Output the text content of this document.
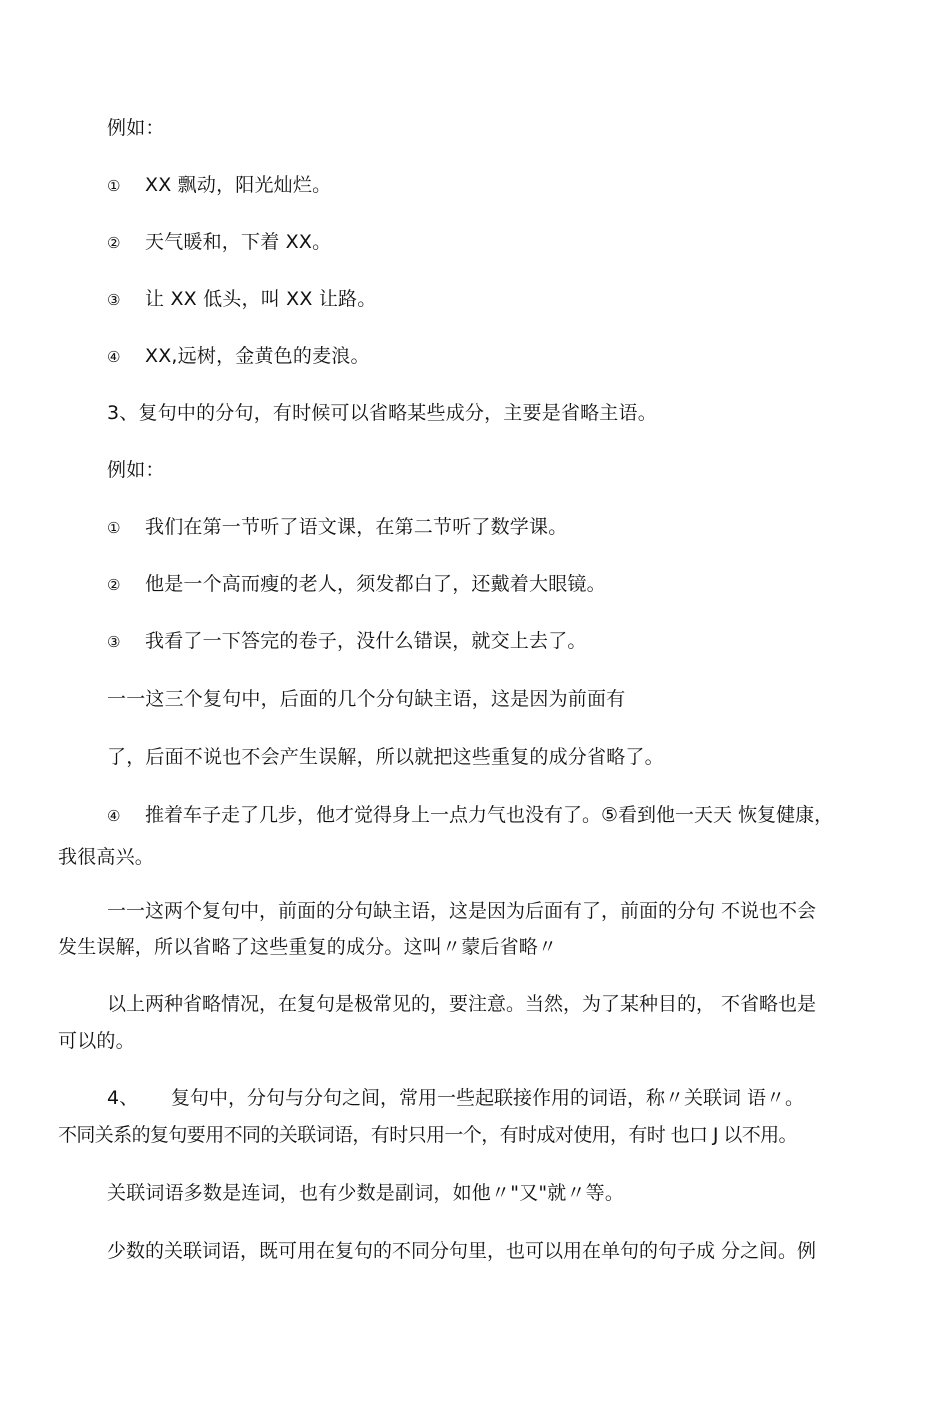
例如：
① XX 飘动，阳光灿烂。
② 天气暖和，下着 XX。
③ 让 XX 低头，叫 XX 让路。
④ XX,远树，金黄色的麦浪。
3、复句中的分句，有时候可以省略某些成分，主要是省略主语。
例如：
① 我们在第一节听了语文课，在第二节听了数学课。
② 他是一个高而瘦的老人，须发都白了，还戴着大眼镜。
③ 我看了一下答完的卷子，没什么错误，就交上去了。
一一这三个复句中，后面的几个分句缺主语，这是因为前面有
了，后面不说也不会产生误解，所以就把这些重复的成分省略了。
④ 推着车子走了几步，他才觉得身上一点力气也没有了。⑤看到他一天天 恢复健康，
我很高兴。
一一这两个复句中，前面的分句缺主语，这是因为后面有了，前面的分句 不说也不会
发生误解，所以省略了这些重复的成分。这叫〃蒙后省略〃
以上两种省略情况，在复句是极常见的，要注意。当然，为了某种目的， 不省略也是
可以的。
4、 复句中，分句与分句之间，常用一些起联接作用的词语，称〃关联词 语〃。
不同关系的复句要用不同的关联词语，有时只用一个，有时成对使用，有时 也口 J 以不用。
关联词语多数是连词，也有少数是副词，如他〃"又"就〃等。
少数的关联词语，既可用在复句的不同分句里，也可以用在单句的句子成 分之间。例
